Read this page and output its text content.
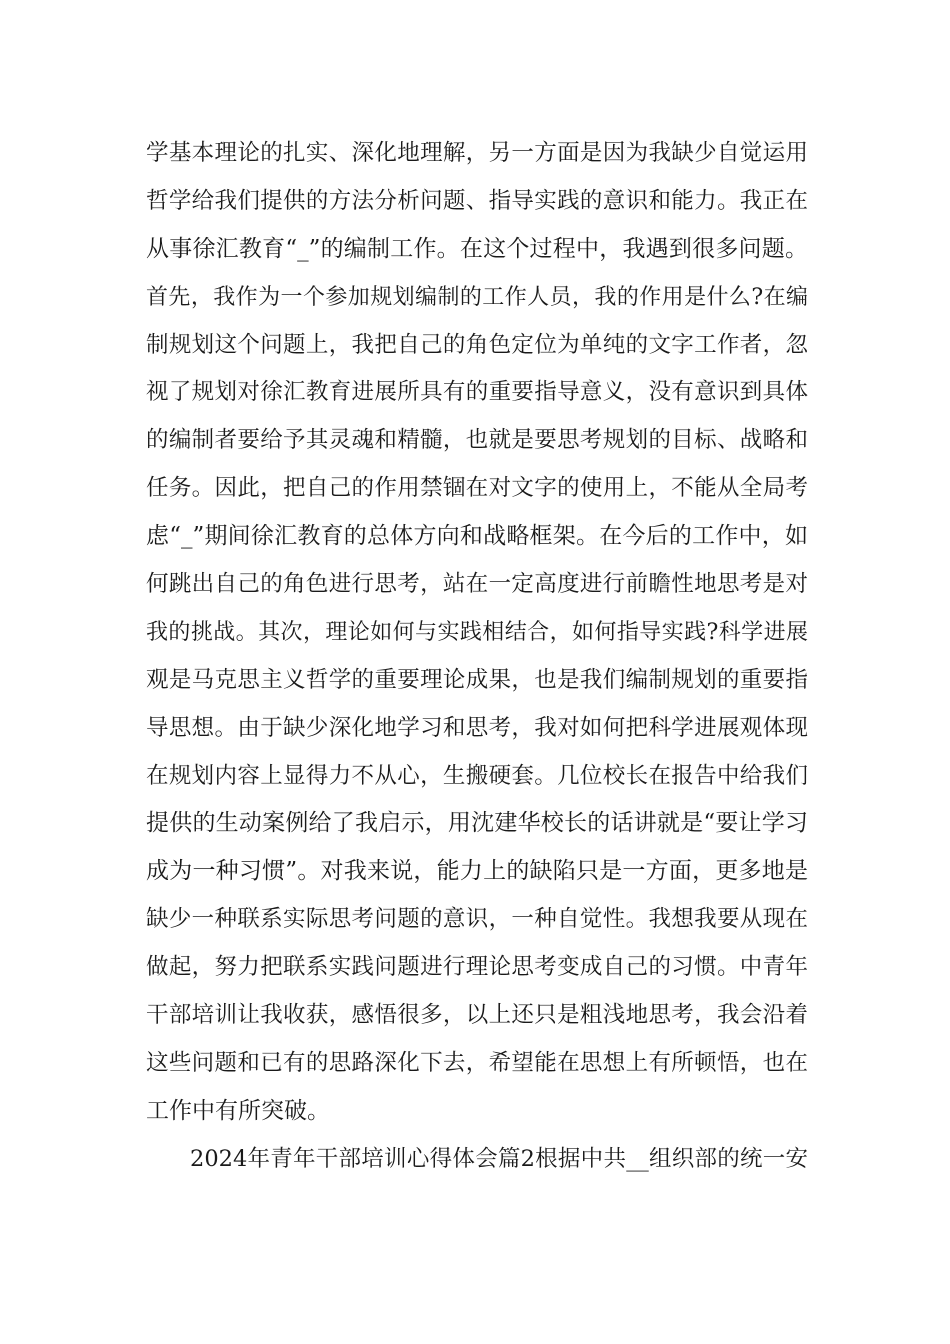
学基本理论的扎实、深化地理解，另一方面是因为我缺少自觉运用
哲学给我们提供的方法分析问题、指导实践的意识和能力。我正在
从事徐汇教育“_”的编制工作。在这个过程中，我遇到很多问题。
首先，我作为一个参加规划编制的工作人员，我的作用是什么?在编
制规划这个问题上，我把自己的角色定位为单纯的文字工作者，忽
视了规划对徐汇教育进展所具有的重要指导意义，没有意识到具体
的编制者要给予其灵魂和精髓，也就是要思考规划的目标、战略和
任务。因此，把自己的作用禁锢在对文字的使用上，不能从全局考
虑“_”期间徐汇教育的总体方向和战略框架。在今后的工作中，如
何跳出自己的角色进行思考，站在一定高度进行前瞻性地思考是对
我的挑战。其次，理论如何与实践相结合，如何指导实践?科学进展
观是马克思主义哲学的重要理论成果，也是我们编制规划的重要指
导思想。由于缺少深化地学习和思考，我对如何把科学进展观体现
在规划内容上显得力不从心，生搬硬套。几位校长在报告中给我们
提供的生动案例给了我启示，用沈建华校长的话讲就是“要让学习
成为一种习惯”。对我来说，能力上的缺陷只是一方面，更多地是
缺少一种联系实际思考问题的意识，一种自觉性。我想我要从现在
做起，努力把联系实践问题进行理论思考变成自己的习惯。中青年
干部培训让我收获，感悟很多，以上还只是粗浅地思考，我会沿着
这些问题和已有的思路深化下去，希望能在思想上有所顿悟，也在
工作中有所突破。
2024年青年干部培训心得体会篇2根据中共__组织部的统一安
